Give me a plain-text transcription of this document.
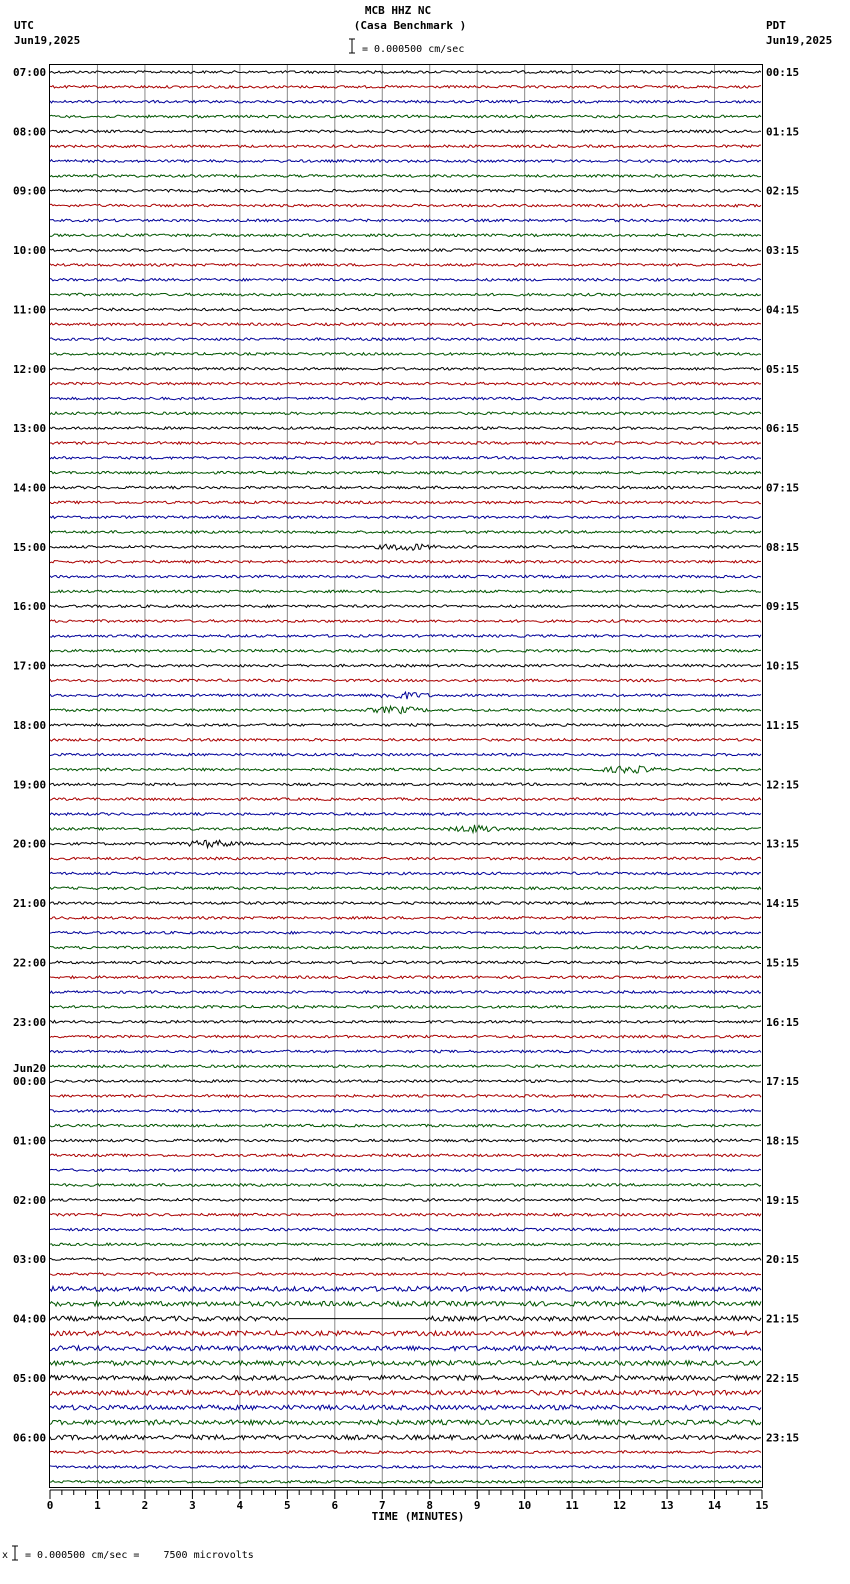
MCB HHZ NC
(Casa Benchmark )
= 0.000500 cm/sec
UTC
Jun19,2025
PDT
Jun19,2025
07:00
08:00
09:00
10:00
11:00
12:00
13:00
14:00
15:00
16:00
17:00
18:00
19:00
20:00
21:00
22:00
23:00
00:00
Jun20
01:00
02:00
03:00
04:00
05:00
06:00
00:15
01:15
02:15
03:15
04:15
05:15
06:15
07:15
08:15
09:15
10:15
11:15
12:15
13:15
14:15
15:15
16:15
17:15
18:15
19:15
20:15
21:15
22:15
23:15
0	1	2	3	4	5	6	7	8	9	10	11	12	13	14	15
TIME (MINUTES)
x = 0.000500 cm/sec =    7500 microvolts
